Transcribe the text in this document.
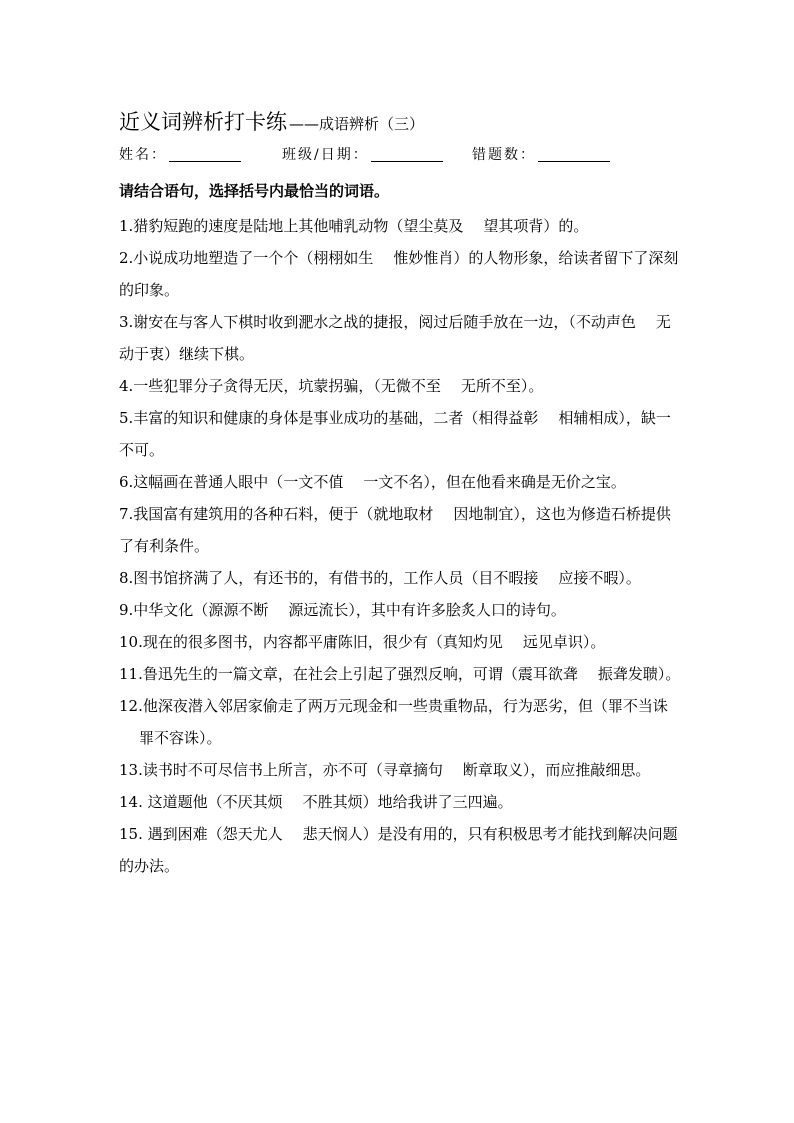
近义词辨析打卡练 ——成语辨析（三）
姓名：	班级/日期：	错题数：
请结合语句，选择括号内最恰当的词语。

1.猎豹短跑的速度是陆地上其他哺乳动物（望尘莫及 望其项背）的。

2.小说成功地塑造了一个个（栩栩如生 惟妙惟肖）的人物形象，给读者留下了深刻的印象。

3.谢安在与客人下棋时收到淝水之战的捷报，阅过后随手放在一边，（不动声色 无动于衷）继续下棋。

4.一些犯罪分子贪得无厌，坑蒙拐骗，（无微不至 无所不至）。

5.丰富的知识和健康的身体是事业成功的基础，二者（相得益彰 相辅相成），缺一不可。

6.这幅画在普通人眼中（一文不值 一文不名），但在他看来确是无价之宝。

7.我国富有建筑用的各种石料，便于（就地取材 因地制宜），这也为修造石桥提供了有利条件。

8.图书馆挤满了人，有还书的，有借书的，工作人员（目不暇接 应接不暇）。

9.中华文化（源源不断 源远流长），其中有许多脍炙人口的诗句。

10.现在的很多图书，内容都平庸陈旧，很少有（真知灼见 远见卓识）。

11.鲁迅先生的一篇文章，在社会上引起了强烈反响，可谓（震耳欲聋 振聋发聩）。

12.他深夜潜入邻居家偷走了两万元现金和一些贵重物品，行为恶劣，但（罪不当诛罪不容诛）。

13.读书时不可尽信书上所言，亦不可（寻章摘句 断章取义），而应推敲细思。

14. 这道题他（不厌其烦 不胜其烦）地给我讲了三四遍。

15. 遇到困难（怨天尤人 悲天悯人）是没有用的，只有积极思考才能找到解决问题的办法。
